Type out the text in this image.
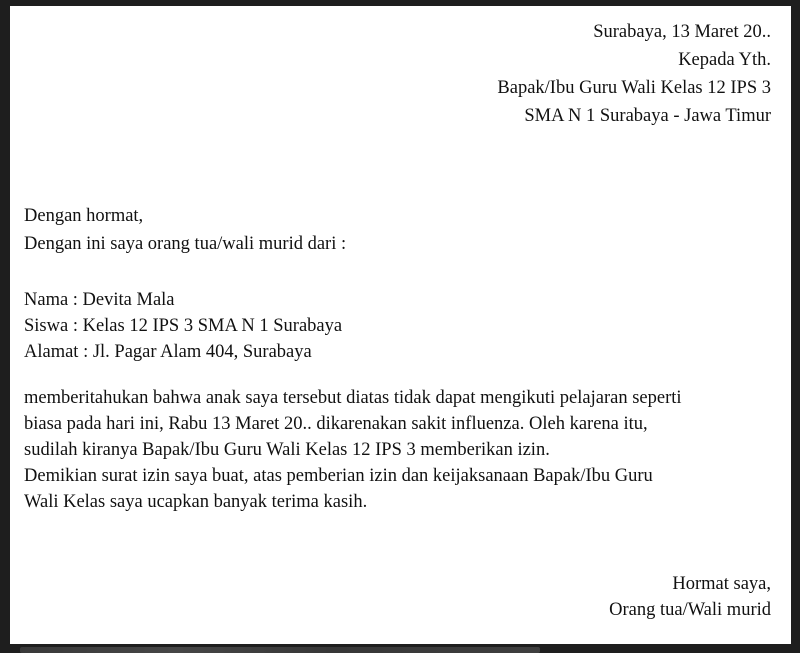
Surabaya, 13 Maret 20..
Kepada Yth.
Bapak/Ibu Guru Wali Kelas 12 IPS 3
SMA N 1 Surabaya - Jawa Timur
Dengan hormat,
Dengan ini saya orang tua/wali murid dari :
Nama : Devita Mala
Siswa : Kelas 12 IPS 3 SMA N 1 Surabaya
Alamat : Jl. Pagar Alam 404, Surabaya
memberitahukan bahwa anak saya tersebut diatas tidak dapat mengikuti pelajaran seperti
biasa pada hari ini, Rabu 13 Maret 20.. dikarenakan sakit influenza. Oleh karena itu,
sudilah kiranya Bapak/Ibu Guru Wali Kelas 12 IPS 3 memberikan izin.
Demikian surat izin saya buat, atas pemberian izin dan keijaksanaan Bapak/Ibu Guru
Wali Kelas saya ucapkan banyak terima kasih.
Hormat saya,
Orang tua/Wali murid
